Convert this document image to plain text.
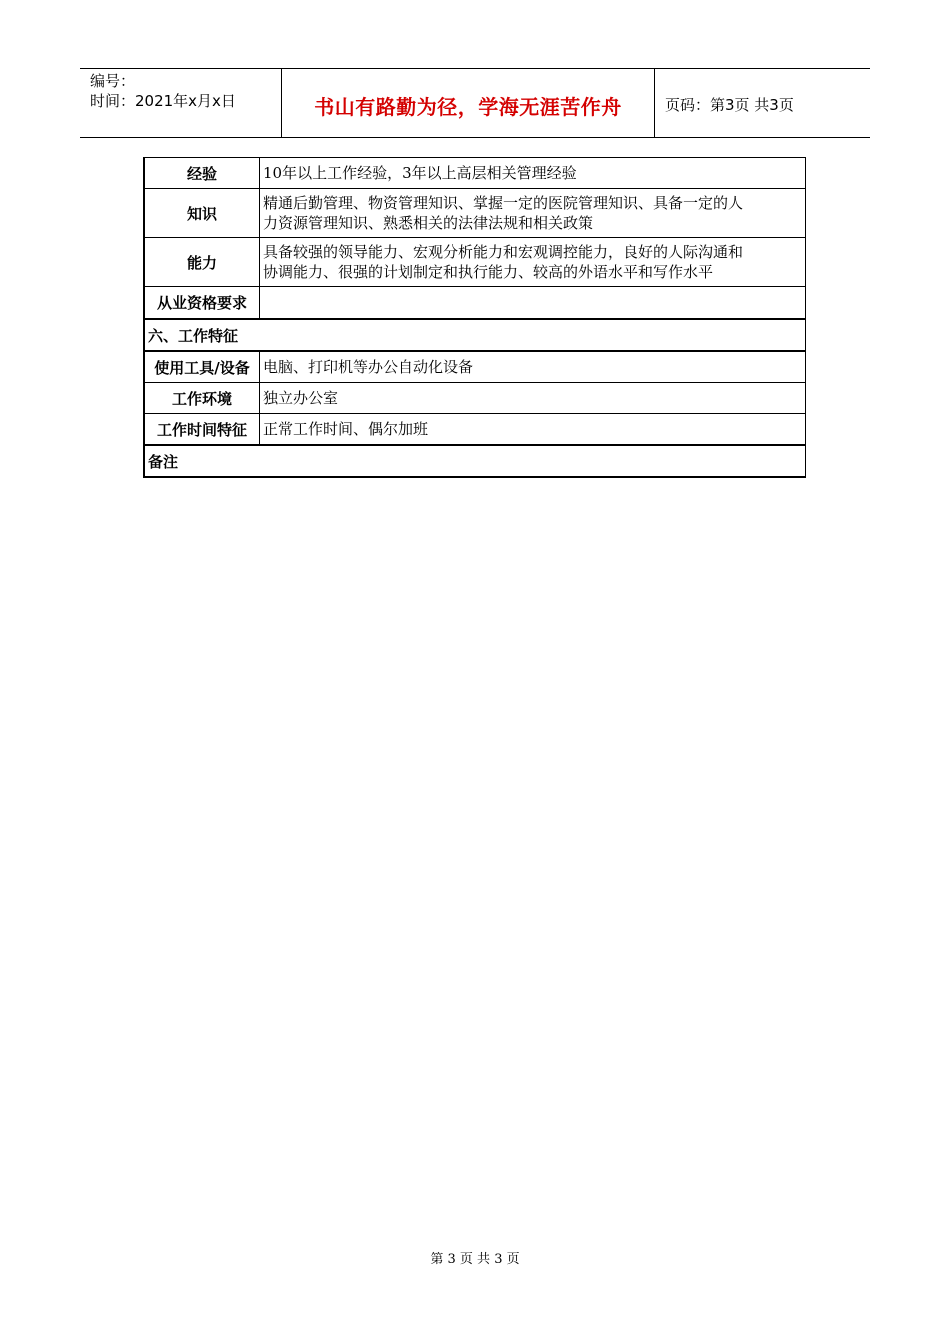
编号：
时间：2021年x月x日	书山有路勤为径，学海无涯苦作舟	页码：第3页 共3页
经验	10年以上工作经验，3年以上高层相关管理经验
知识	精通后勤管理、物资管理知识、掌握一定的医院管理知识、具备一定的人
力资源管理知识、熟悉相关的法律法规和相关政策

能力	具备较强的领导能力、宏观分析能力和宏观调控能力，良好的人际沟通和
协调能力、很强的计划制定和执行能力、较高的外语水平和写作水平

从业资格要求	
六、工作特征	
使用工具/设备	电脑、打印机等办公自动化设备
工作环境	独立办公室
工作时间特征	正常工作时间、偶尔加班
备注	
第 3 页 共 3 页
